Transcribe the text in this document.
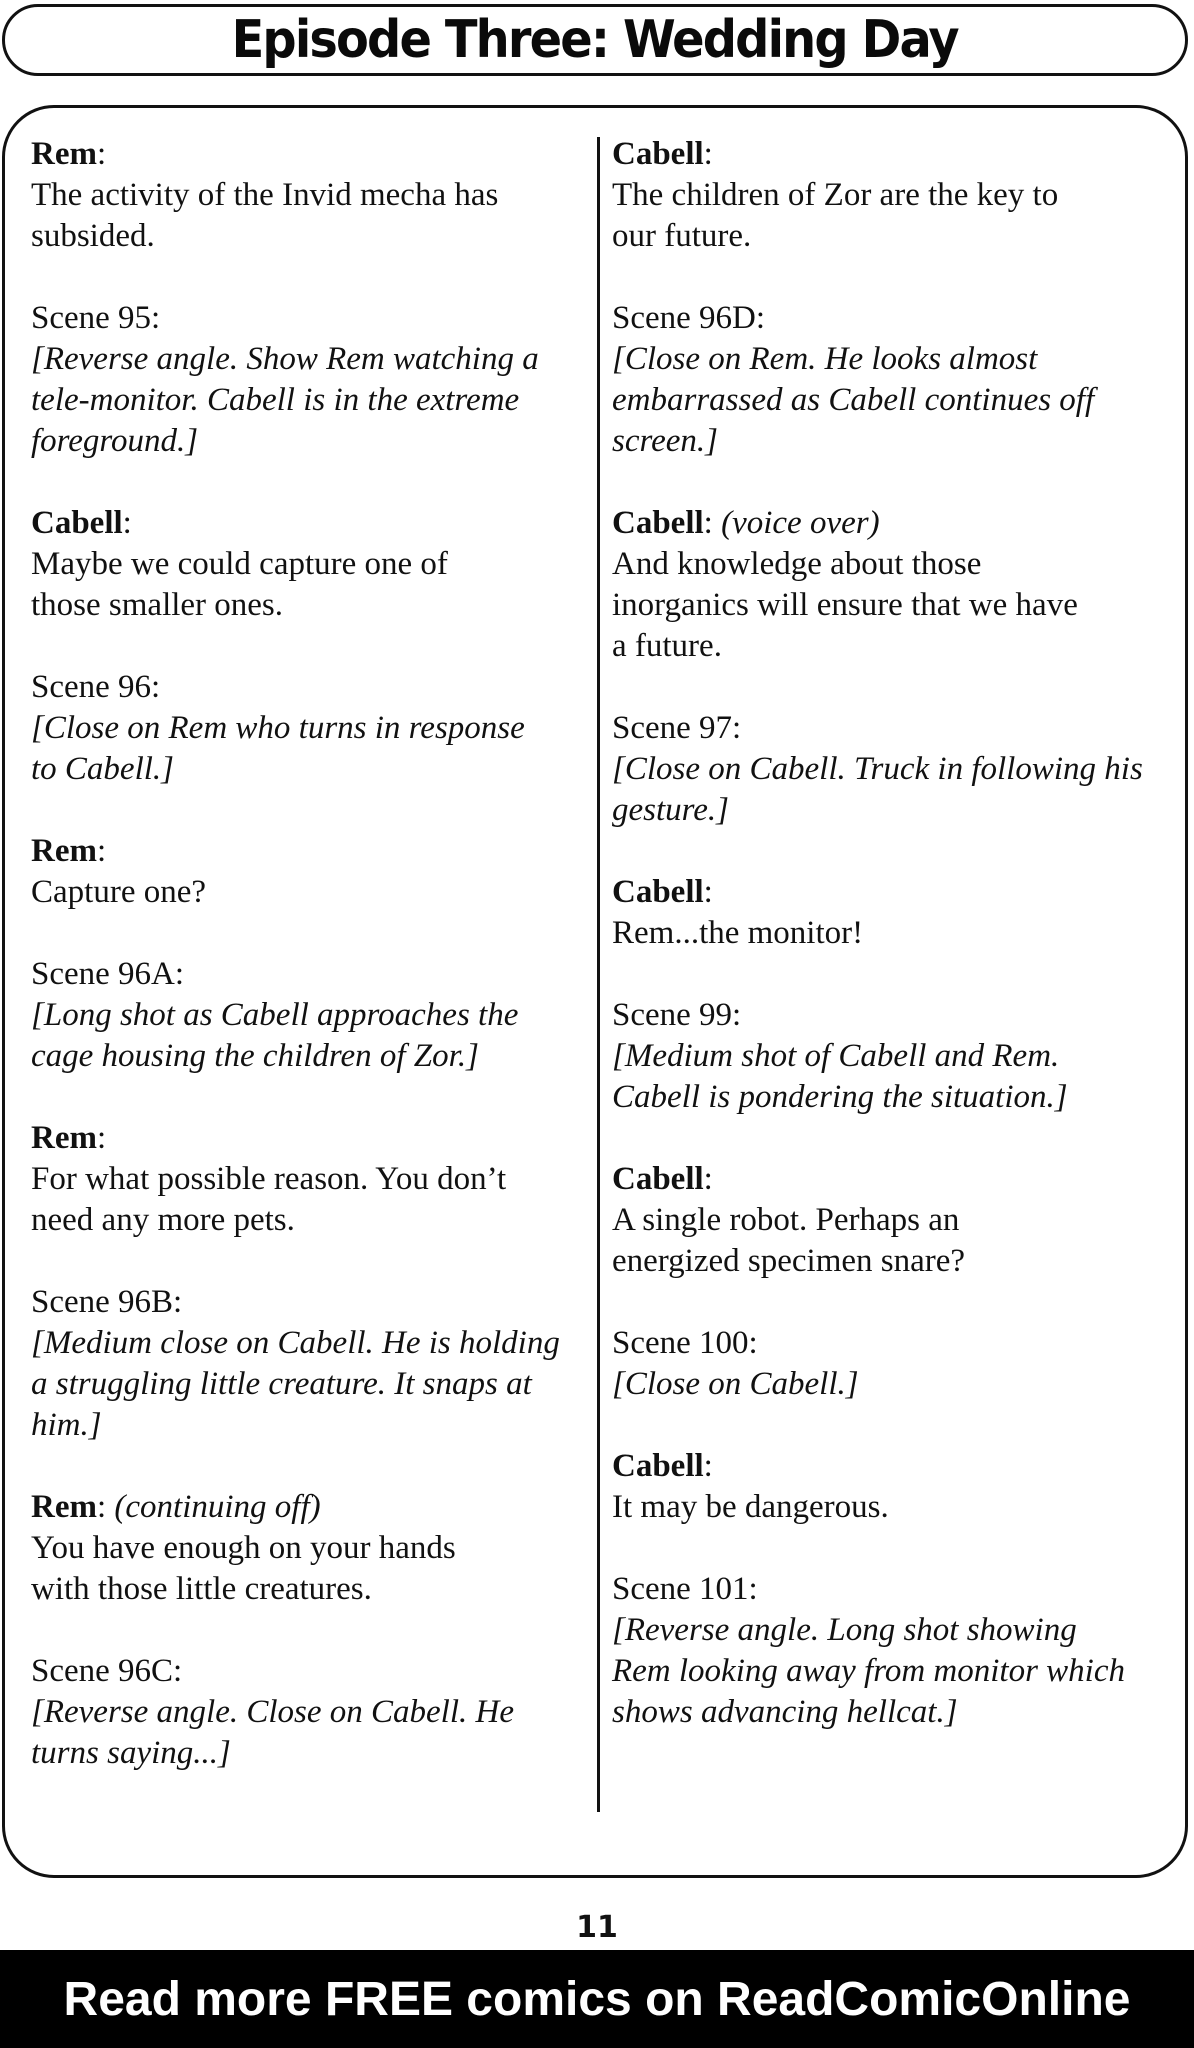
Episode Three: Wedding Day
Rem:
The activity of the Invid mecha has
subsided.
Scene 95:
[Reverse angle. Show Rem watching a
tele-monitor. Cabell is in the extreme
foreground.]
Cabell:
Maybe we could capture one of
those smaller ones.
Scene 96:
[Close on Rem who turns in response
to Cabell.]
Rem:
Capture one?
Scene 96A:
[Long shot as Cabell approaches the
cage housing the children of Zor.]
Rem:
For what possible reason. You don’t
need any more pets.
Scene 96B:
[Medium close on Cabell. He is holding
a struggling little creature. It snaps at
him.]
Rem: (continuing off)
You have enough on your hands
with those little creatures.
Scene 96C:
[Reverse angle. Close on Cabell. He
turns saying...]
Cabell:
The children of Zor are the key to
our future.
Scene 96D:
[Close on Rem. He looks almost
embarrassed as Cabell continues off
screen.]
Cabell: (voice over)
And knowledge about those
inorganics will ensure that we have
a future.
Scene 97:
[Close on Cabell. Truck in following his
gesture.]
Cabell:
Rem...the monitor!
Scene 99:
[Medium shot of Cabell and Rem.
Cabell is pondering the situation.]
Cabell:
A single robot. Perhaps an
energized specimen snare?
Scene 100:
[Close on Cabell.]
Cabell:
It may be dangerous.
Scene 101:
[Reverse angle. Long shot showing
Rem looking away from monitor which
shows advancing hellcat.]
11
Read more FREE comics on ReadComicOnline
